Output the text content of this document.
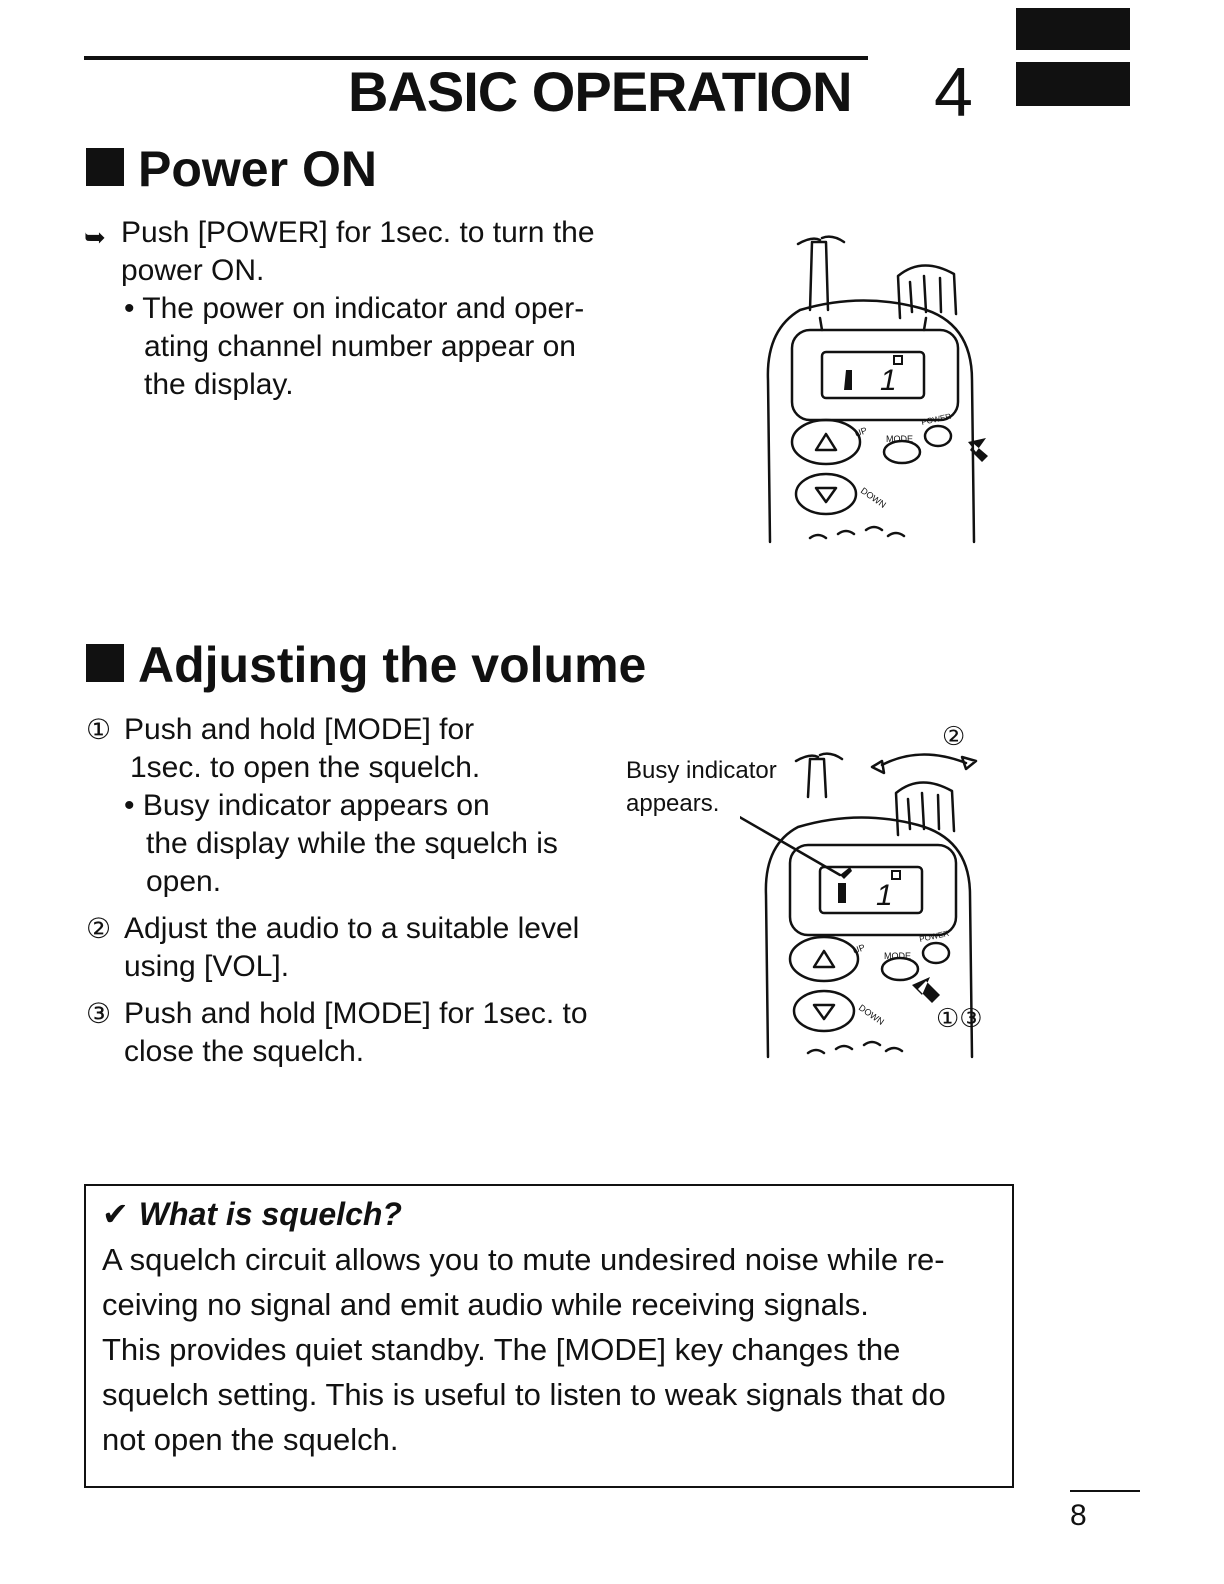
BASIC OPERATION 4
Power ON
➥ Push [POWER] for 1sec. to turn the
power ON.
• The power on indicator and oper-
ating channel number appear on
the display.	1
UP
MODE
POWER
DOWN
Adjusting the volume
① Push and hold [MODE] for
1sec. to open the squelch.
• Busy indicator appears on
the display while the squelch is
open.
② Adjust the audio to a suitable level
using [VOL].
③ Push and hold [MODE] for 1sec. to
close the squelch.
Busy indicator
appears.
1
UP
MODE
POWER
DOWN
②
①③
✔ What is squelch?
A squelch circuit allows you to mute undesired noise while re-
ceiving no signal and emit audio while receiving signals.
This provides quiet standby. The [MODE] key changes the
squelch setting. This is useful to listen to weak signals that do
not open the squelch.
8
